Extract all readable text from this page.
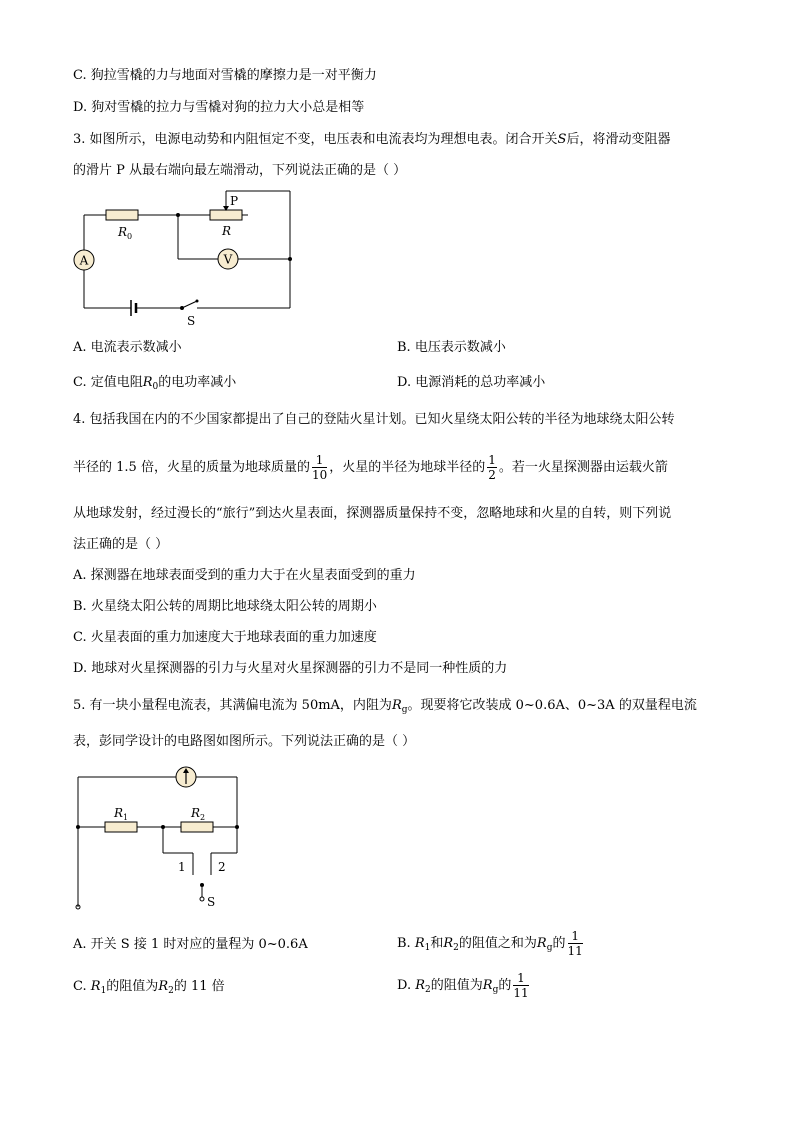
C. 狗拉雪橇的力与地面对雪橇的摩擦力是一对平衡力
D. 狗对雪橇的拉力与雪橇对狗的拉力大小总是相等
3. 如图所示，电源电动势和内阻恒定不变，电压表和电流表均为理想电表。闭合开关S后，将滑动变阻器
的滑片 P 从最右端向最左端滑动，下列说法正确的是（ ）
A	V
P
R
$R_0$
S
A. 电流表示数减小	B. 电压表示数减小
C. 定值电阻$R_0$的电功率减小	D. 电源消耗的总功率减小
4. 包括我国在内的不少国家都提出了自己的登陆火星计划。已知火星绕太阳公转的半径为地球绕太阳公转
半径的 1.5 倍，火星的质量为地球质量的 $\frac{1}{10}$ ，火星的半径为地球半径的 $\frac{1}{2}$ 。若一火星探测器由运载火箭
从地球发射，经过漫长的“旅行”到达火星表面，探测器质量保持不变，忽略地球和火星的自转，则下列说
法正确的是（ ）
A. 探测器在地球表面受到的重力大于在火星表面受到的重力
B. 火星绕太阳公转的周期比地球绕太阳公转的周期小
C. 火星表面的重力加速度大于地球表面的重力加速度
D. 地球对火星探测器的引力与火星对火星探测器的引力不是同一种性质的力
5. 有一块小量程电流表，其满偏电流为 50mA，内阻为$R_g$。现要将它改装成 0~0.6A、0~3A 的双量程电流
表，彭同学设计的电路图如图所示。下列说法正确的是（ ）
$R_1$	$R_2$
1	2
S
A. 开关 S 接 1 时对应的量程为 0~0.6A	B. $R_1$和$R_2$的阻值之和为$R_g$的 $\frac{1}{11}$
C. $R_1$的阻值为$R_2$的 11 倍	D. $R_2$的阻值为$R_g$的 $\frac{1}{11}$
